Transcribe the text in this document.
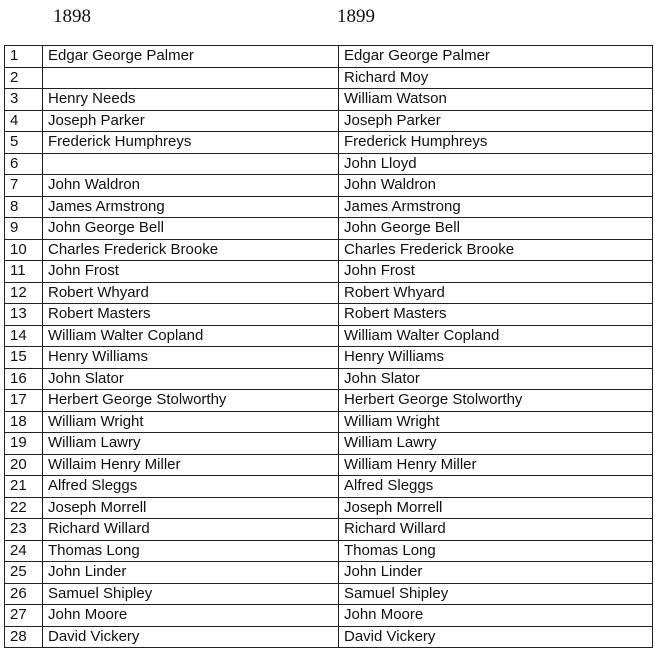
1898	1899
1	Edgar George Palmer	Edgar George Palmer
2		Richard Moy
3	Henry Needs	William Watson
4	Joseph Parker	Joseph Parker
5	Frederick Humphreys	Frederick Humphreys
6		John Lloyd
7	John Waldron	John Waldron
8	James Armstrong	James Armstrong
9	John George Bell	John George Bell
10	Charles Frederick Brooke	Charles Frederick Brooke
11	John Frost	John Frost
12	Robert Whyard	Robert Whyard
13	Robert Masters	Robert Masters
14	William Walter Copland	William Walter Copland
15	Henry Williams	Henry Williams
16	John Slator	John Slator
17	Herbert George Stolworthy	Herbert George Stolworthy
18	William Wright	William Wright
19	William Lawry	William Lawry
20	Willaim Henry Miller	William Henry Miller
21	Alfred Sleggs	Alfred Sleggs
22	Joseph Morrell	Joseph Morrell
23	Richard Willard	Richard Willard
24	Thomas Long	Thomas Long
25	John Linder	John Linder
26	Samuel Shipley	Samuel Shipley
27	John Moore	John Moore
28	David Vickery	David Vickery
